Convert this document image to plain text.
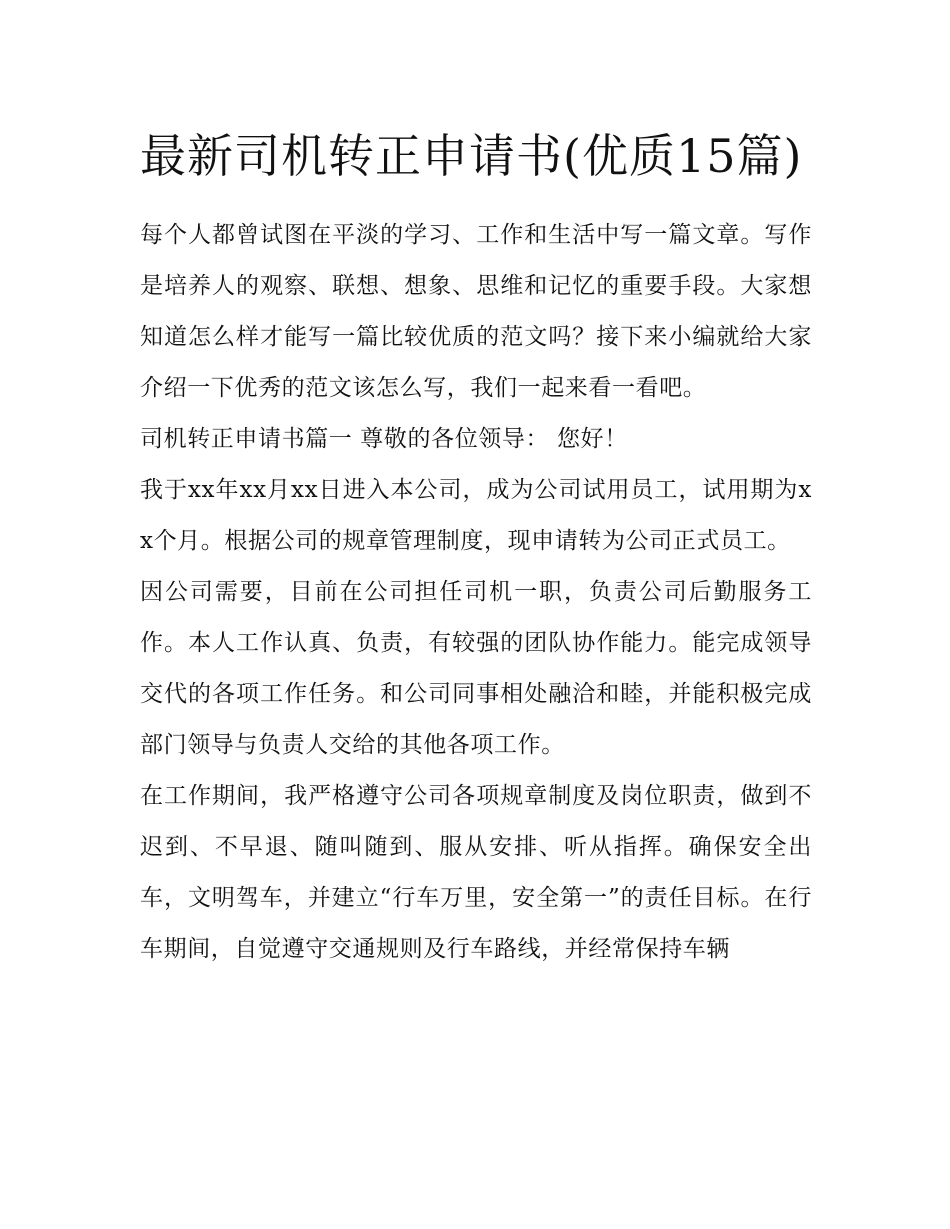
最新司机转正申请书(优质15篇)

每个人都曾试图在平淡的学习、工作和生活中写一篇文章。写作是培养人的观察、联想、想象、思维和记忆的重要手段。大家想知道怎么样才能写一篇比较优质的范文吗？接下来小编就给大家介绍一下优秀的范文该怎么写，我们一起来看一看吧。

司机转正申请书篇一 尊敬的各位领导： 您好！

我于xx年xx月xx日进入本公司，成为公司试用员工，试用期为xx个月。根据公司的规章管理制度，现申请转为公司正式员工。

因公司需要，目前在公司担任司机一职，负责公司后勤服务工作。本人工作认真、负责，有较强的团队协作能力。能完成领导交代的各项工作任务。和公司同事相处融洽和睦，并能积极完成部门领导与负责人交给的其他各项工作。

在工作期间，我严格遵守公司各项规章制度及岗位职责，做到不迟到、不早退、随叫随到、服从安排、听从指挥。确保安全出车，文明驾车，并建立“行车万里，安全第一”的责任目标。在行车期间，自觉遵守交通规则及行车路线，并经常保持车辆
